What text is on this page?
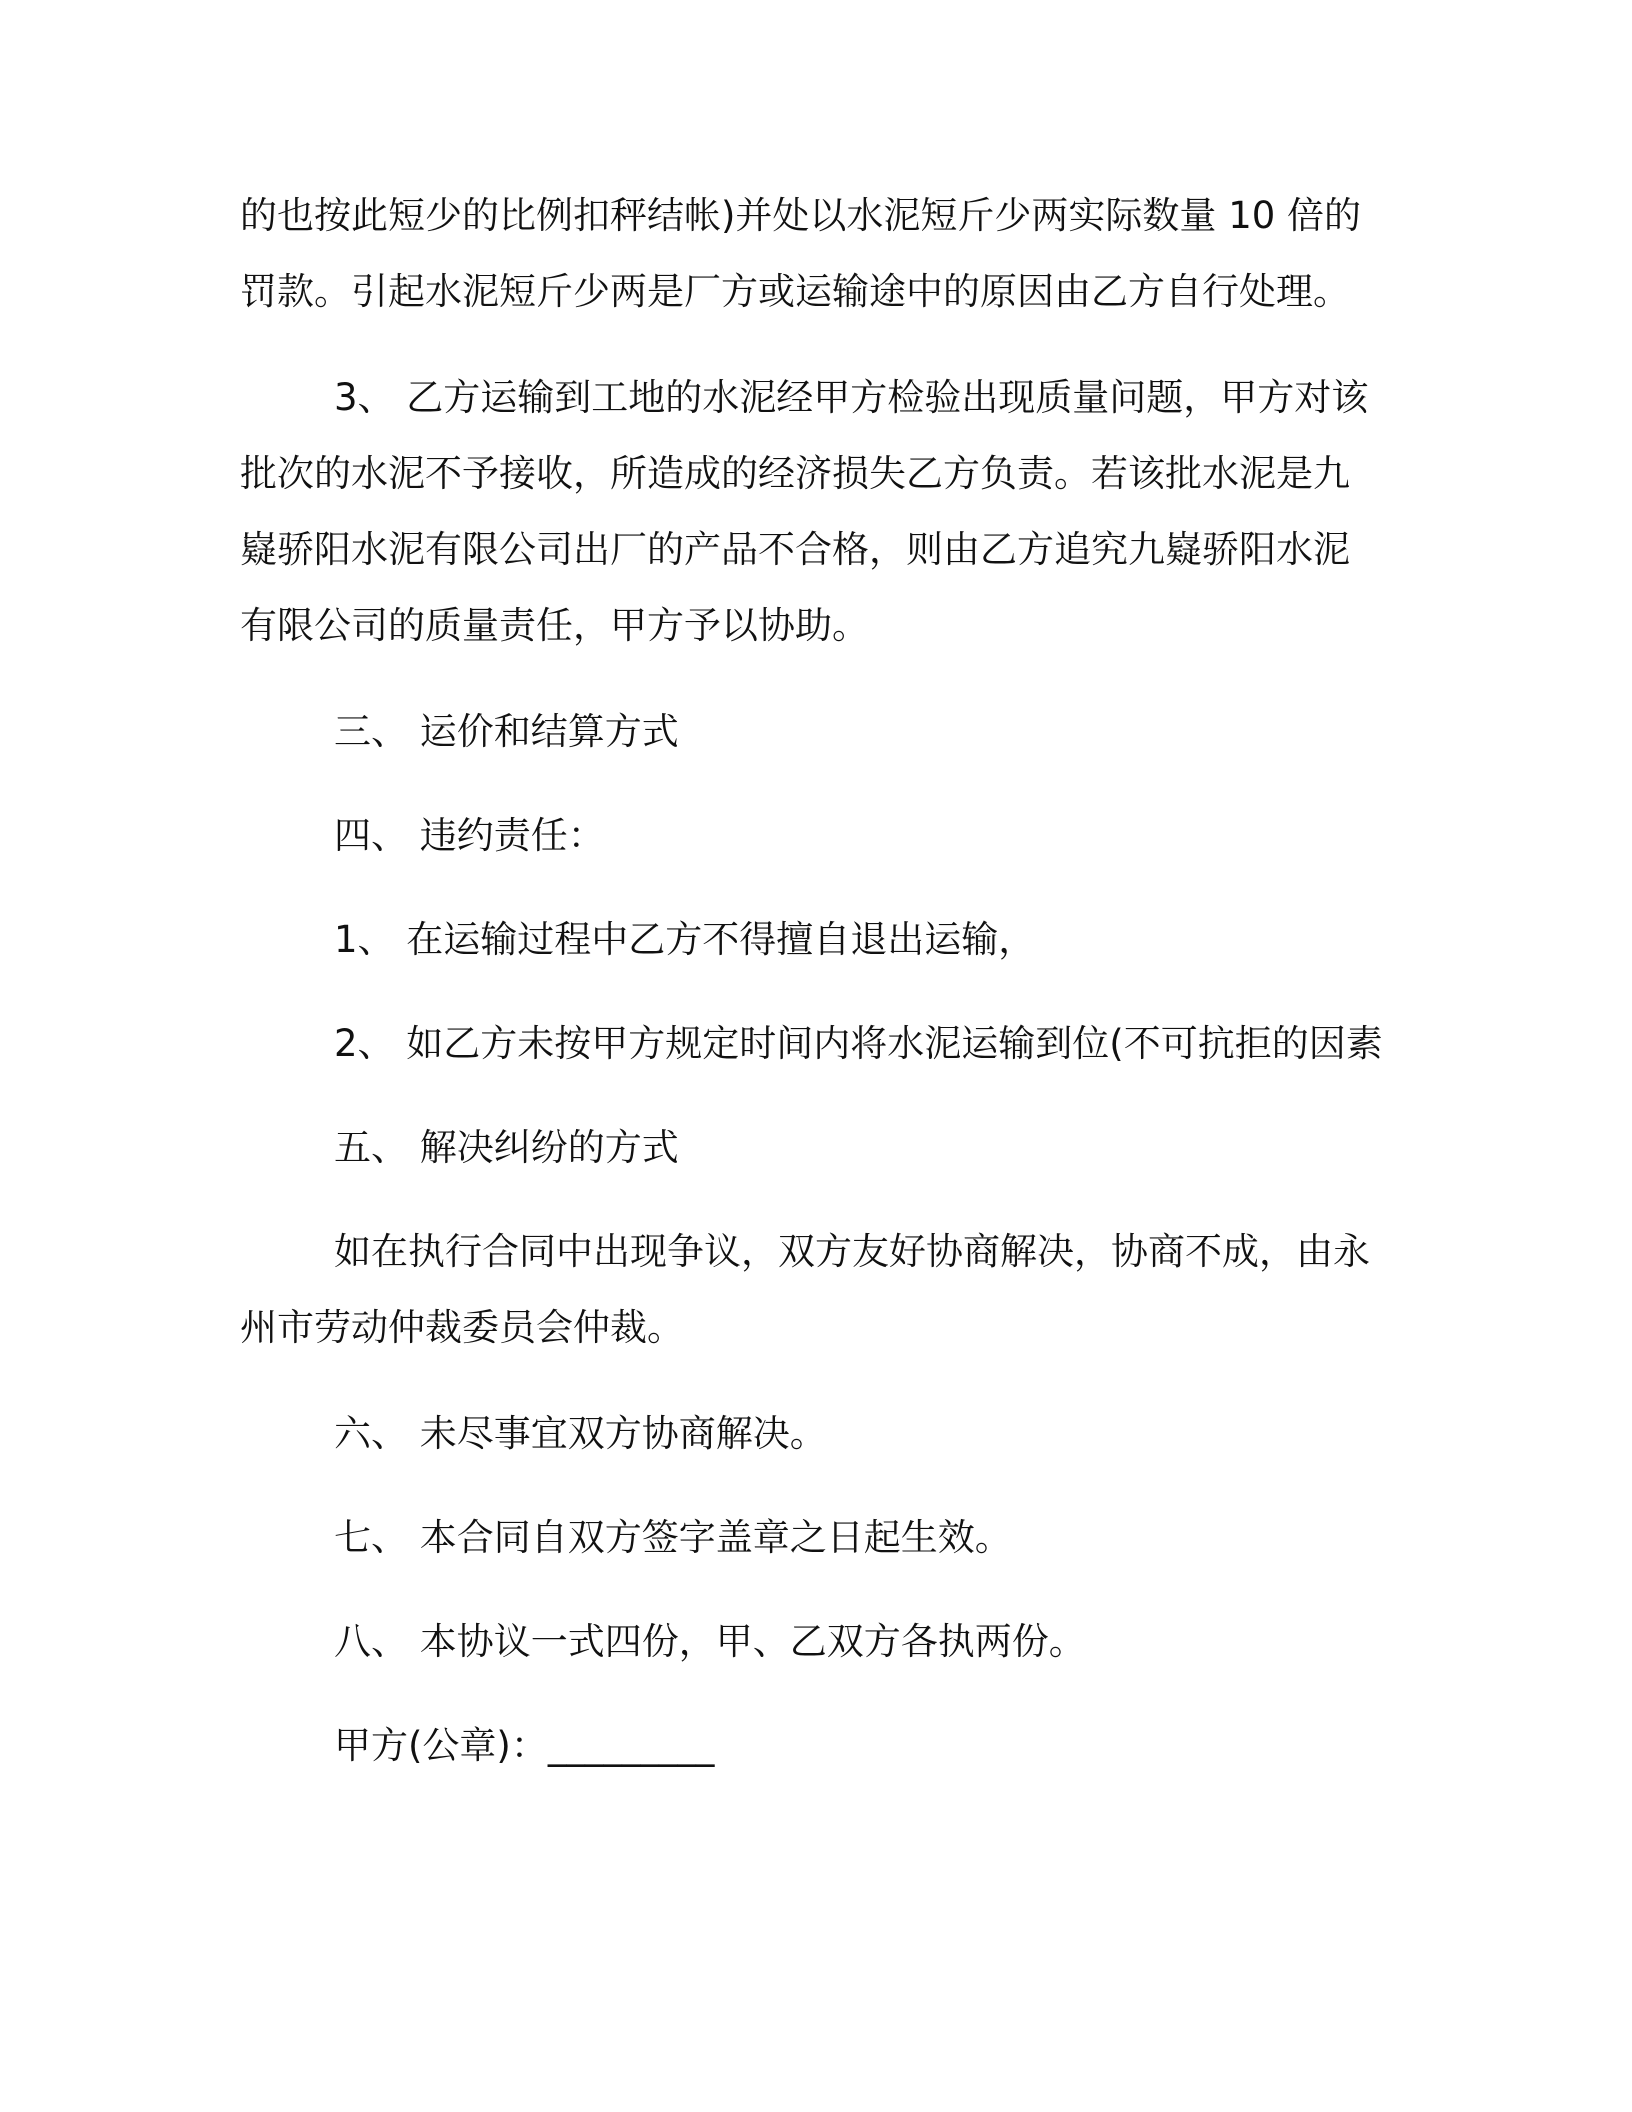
的也按此短少的比例扣秤结帐)并处以水泥短斤少两实际数量 10 倍的
罚款。引起水泥短斤少两是厂方或运输途中的原因由乙方自行处理。
3、 乙方运输到工地的水泥经甲方检验出现质量问题，甲方对该
批次的水泥不予接收，所造成的经济损失乙方负责。若该批水泥是九
嶷骄阳水泥有限公司出厂的产品不合格，则由乙方追究九嶷骄阳水泥
有限公司的质量责任，甲方予以协助。
三、 运价和结算方式
四、 违约责任：
1、 在运输过程中乙方不得擅自退出运输，
2、 如乙方未按甲方规定时间内将水泥运输到位(不可抗拒的因素
五、 解决纠纷的方式
如在执行合同中出现争议，双方友好协商解决，协商不成，由永
州市劳动仲裁委员会仲裁。
六、 未尽事宜双方协商解决。
七、 本合同自双方签字盖章之日起生效。
八、 本协议一式四份，甲、乙双方各执两份。
甲方(公章)：_________
